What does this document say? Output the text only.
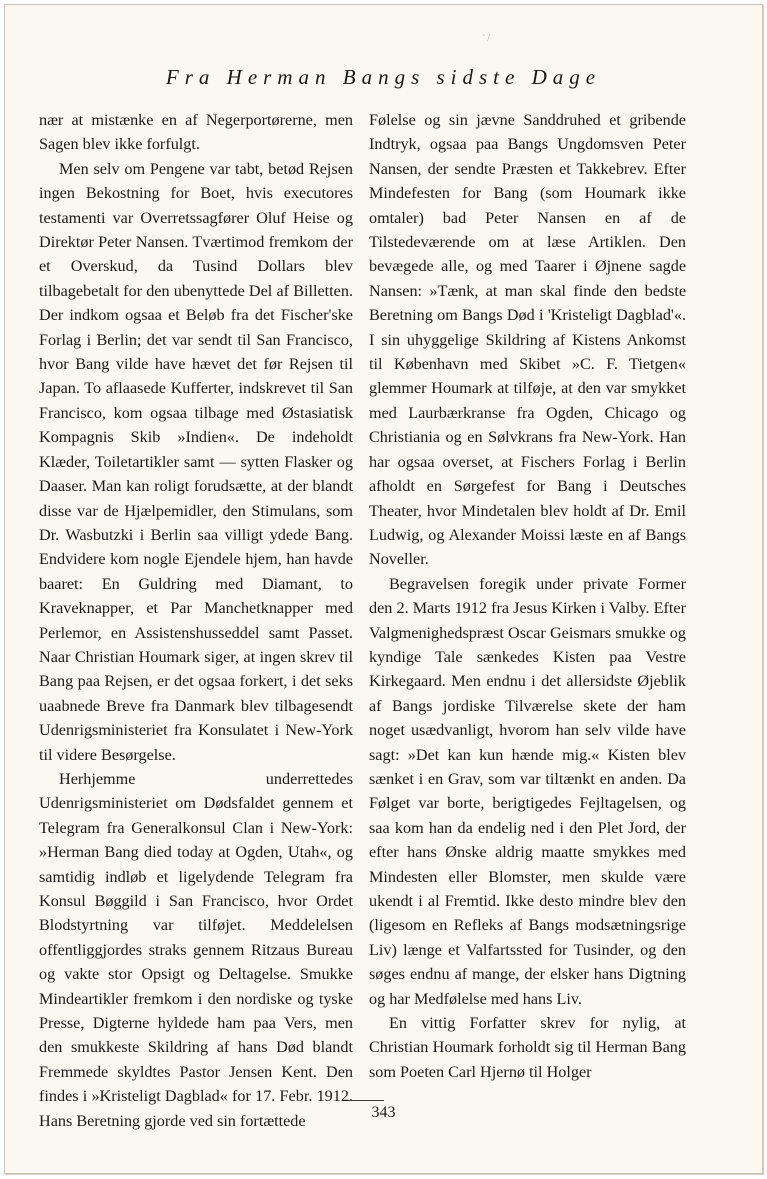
' /
Fra Herman Bangs sidste Dage

nær at mistænke en af Negerportørerne, men Sagen blev ikke forfulgt.

Men selv om Pengene var tabt, betød Rejsen ingen Bekostning for Boet, hvis executores testamenti var Overretssagfører Oluf Heise og Direktør Peter Nansen. Tværtimod fremkom der et Overskud, da Tusind Dollars blev tilbagebetalt for den ubenyttede Del af Billetten. Der indkom ogsaa et Beløb fra det Fischer'ske Forlag i Berlin; det var sendt til San Francisco, hvor Bang vilde have hævet det før Rejsen til Japan. To aflaasede Kufferter, indskrevet til San Francisco, kom ogsaa tilbage med Østasiatisk Kompagnis Skib »Indien«. De indeholdt Klæder, Toiletartikler samt — sytten Flasker og Daaser. Man kan roligt forudsætte, at der blandt disse var de Hjælpemidler, den Stimulans, som Dr. Wasbutzki i Berlin saa villigt ydede Bang. Endvidere kom nogle Ejendele hjem, han havde baaret: En Guldring med Diamant, to Kraveknapper, et Par Manchetknapper med Perlemor, en Assistenshusseddel samt Passet. Naar Christian Houmark siger, at ingen skrev til Bang paa Rejsen, er det ogsaa forkert, i det seks uaabnede Breve fra Danmark blev tilbagesendt Udenrigsministeriet fra Konsulatet i New-York til videre Besørgelse.

Herhjemme underrettedes Udenrigsministeriet om Dødsfaldet gennem et Telegram fra Generalkonsul Clan i New-York: »Herman Bang died today at Ogden, Utah«, og samtidig indløb et ligelydende Telegram fra Konsul Bøggild i San Francisco, hvor Ordet Blodstyrtning var tilføjet. Meddelelsen offentliggjordes straks gennem Ritzaus Bureau og vakte stor Opsigt og Deltagelse. Smukke Mindeartikler fremkom i den nordiske og tyske Presse, Digterne hyldede ham paa Vers, men den smukkeste Skildring af hans Død blandt Fremmede skyldtes Pastor Jensen Kent. Den findes i »Kristeligt Dagblad« for 17. Febr. 1912. Hans Beretning gjorde ved sin fortættede

Følelse og sin jævne Sanddruhed et gribende Indtryk, ogsaa paa Bangs Ungdomsven Peter Nansen, der sendte Præsten et Takkebrev. Efter Mindefesten for Bang (som Houmark ikke omtaler) bad Peter Nansen en af de Tilstedeværende om at læse Artiklen. Den bevægede alle, og med Taarer i Øjnene sagde Nansen: »Tænk, at man skal finde den bedste Beretning om Bangs Død i 'Kristeligt Dagblad'«. I sin uhyggelige Skildring af Kistens Ankomst til København med Skibet »C. F. Tietgen« glemmer Houmark at tilføje, at den var smykket med Laurbærkranse fra Ogden, Chicago og Christiania og en Sølvkrans fra New-York. Han har ogsaa overset, at Fischers Forlag i Berlin afholdt en Sørgefest for Bang i Deutsches Theater, hvor Mindetalen blev holdt af Dr. Emil Ludwig, og Alexander Moissi læste en af Bangs Noveller.

Begravelsen foregik under private Former den 2. Marts 1912 fra Jesus Kirken i Valby. Efter Valgmenighedspræst Oscar Geismars smukke og kyndige Tale sænkedes Kisten paa Vestre Kirkegaard. Men endnu i det allersidste Øjeblik af Bangs jordiske Tilværelse skete der ham noget usædvanligt, hvorom han selv vilde have sagt: »Det kan kun hænde mig.« Kisten blev sænket i en Grav, som var tiltænkt en anden. Da Følget var borte, berigtigedes Fejltagelsen, og saa kom han da endelig ned i den Plet Jord, der efter hans Ønske aldrig maatte smykkes med Mindesten eller Blomster, men skulde være ukendt i al Fremtid. Ikke desto mindre blev den (ligesom en Refleks af Bangs modsætningsrige Liv) længe et Valfartssted for Tusinder, og den søges endnu af mange, der elsker hans Digtning og har Medfølelse med hans Liv.

En vittig Forfatter skrev for nylig, at Christian Houmark forholdt sig til Herman Bang som Poeten Carl Hjernø til Holger

343
